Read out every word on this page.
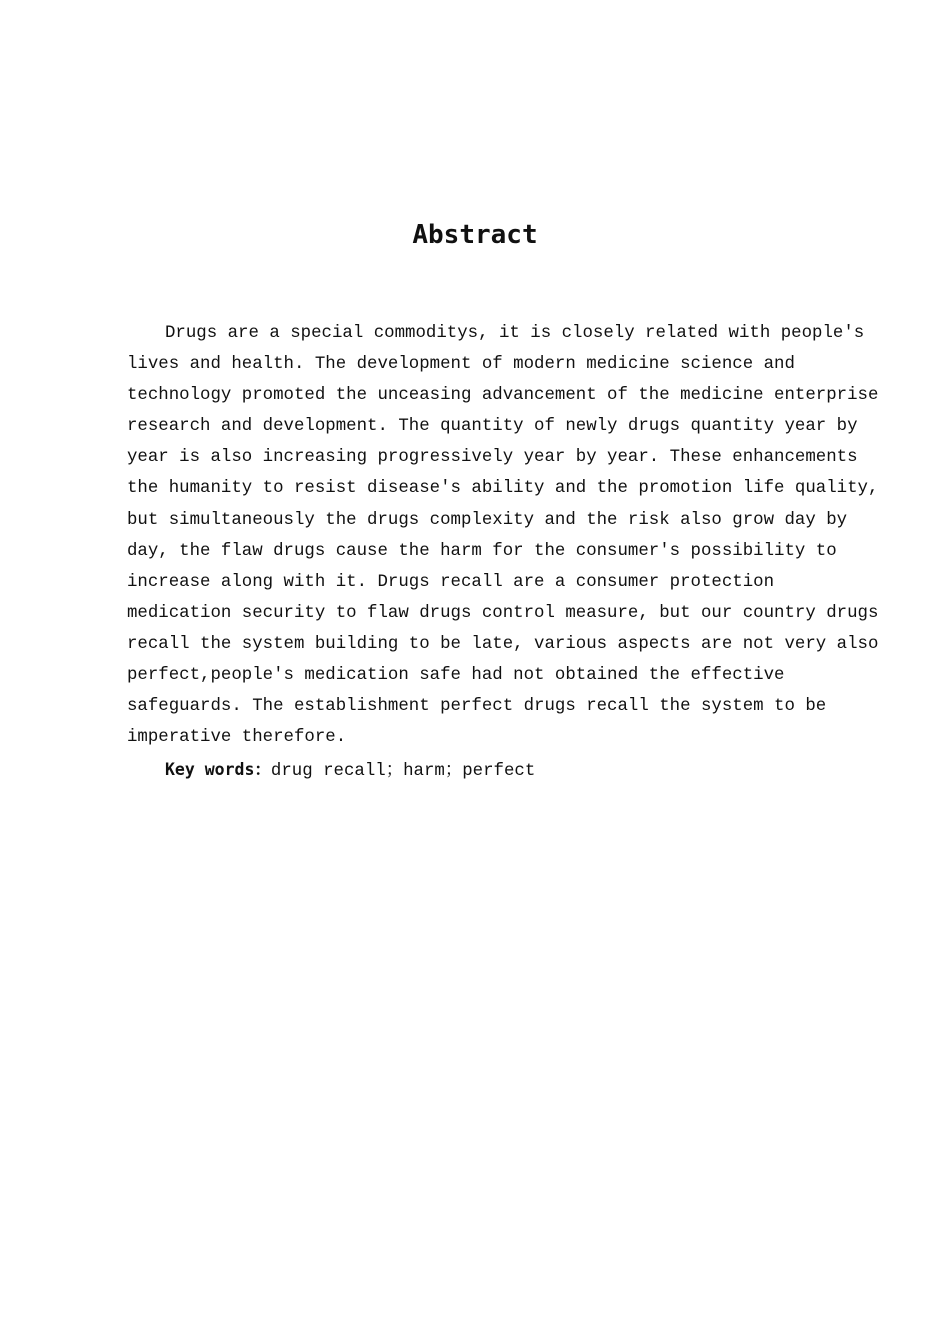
Abstract
Drugs are a special commoditys, it is closely related with people's
lives and health. The development of modern medicine science and
technology promoted the unceasing advancement of the medicine enterprise
research and development. The quantity of newly drugs quantity year by
year is also increasing progressively year by year. These enhancements
the humanity to resist disease's ability and the promotion life quality,
but simultaneously the drugs complexity and the risk also grow day by
day, the flaw drugs cause the harm for the consumer's possibility to
increase along with it. Drugs recall are a consumer protection
medication security to flaw drugs control measure, but our country drugs
recall the system building to be late, various aspects are not very also
perfect,people's medication safe had not obtained the effective
safeguards. The establishment perfect drugs recall the system to be
imperative therefore.

Key words：drug recall；harm；perfect
